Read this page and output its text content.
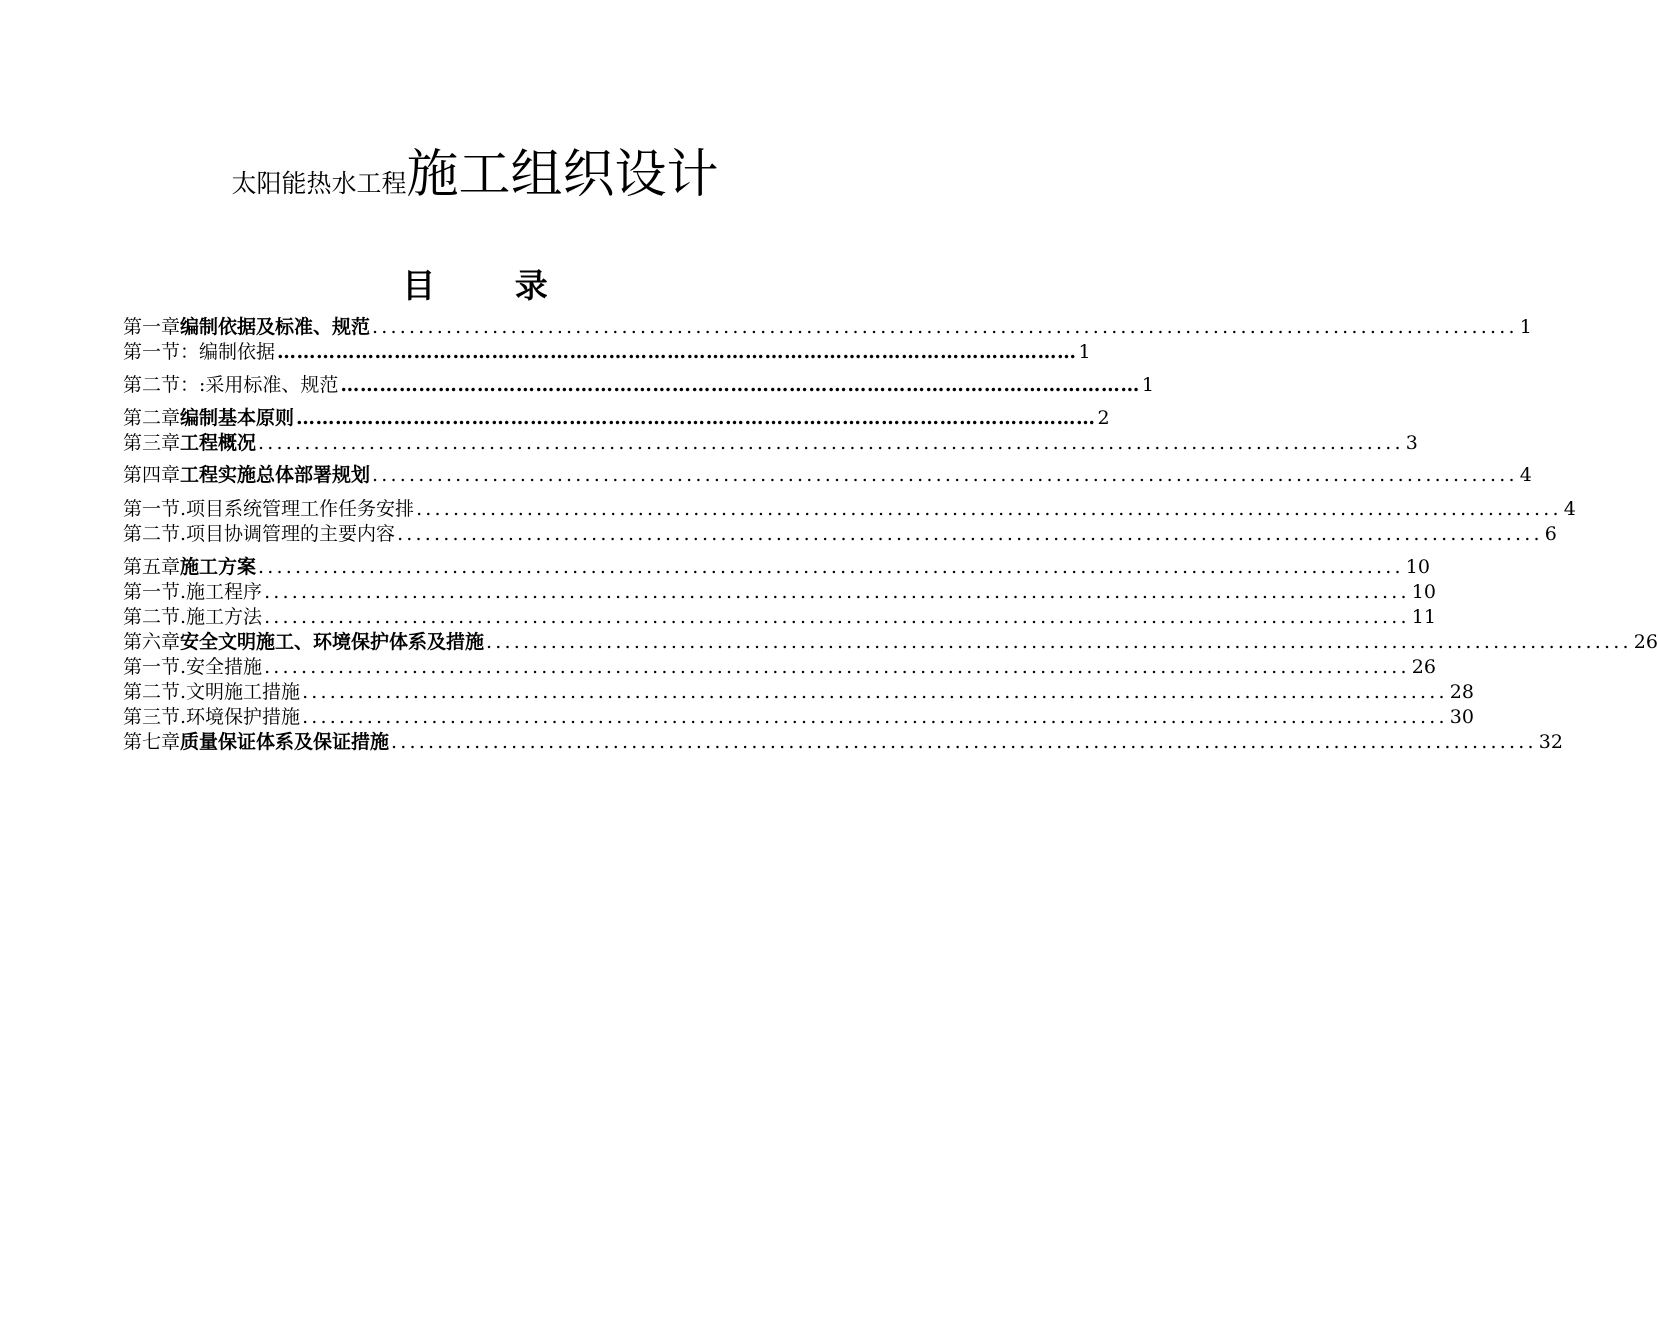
太阳能热水工程施工组织设计
目 录
第一章 编制依据及标准、规范 ............................................................................................................................ 1
第一节： 编制依据 …………………………………………………………………………………………………………… 1
第二节： :采用标准、规范 …………………………………………………………………………………………………………… 1
第二章 编制基本原则 …………………………………………………………………………………………………………… 2
第三章 工程概况 ............................................................................................................................ 3
第四章 工程实施总体部署规划 ............................................................................................................................ 4
第一节. 项目系统管理工作任务安排 ............................................................................................................................ 4
第二节. 项目协调管理的主要内容 ............................................................................................................................ 6
第五章 施工方案 ............................................................................................................................ 10
第一节. 施工程序 ............................................................................................................................ 10
第二节. 施工方法 ............................................................................................................................ 11
第六章 安全文明施工、环境保护体系及措施 ............................................................................................................................ 26
第一节. 安全措施 ............................................................................................................................ 26
第二节. 文明施工措施 ............................................................................................................................ 28
第三节. 环境保护措施 ............................................................................................................................ 30
第七章 质量保证体系及保证措施 ............................................................................................................................ 32
